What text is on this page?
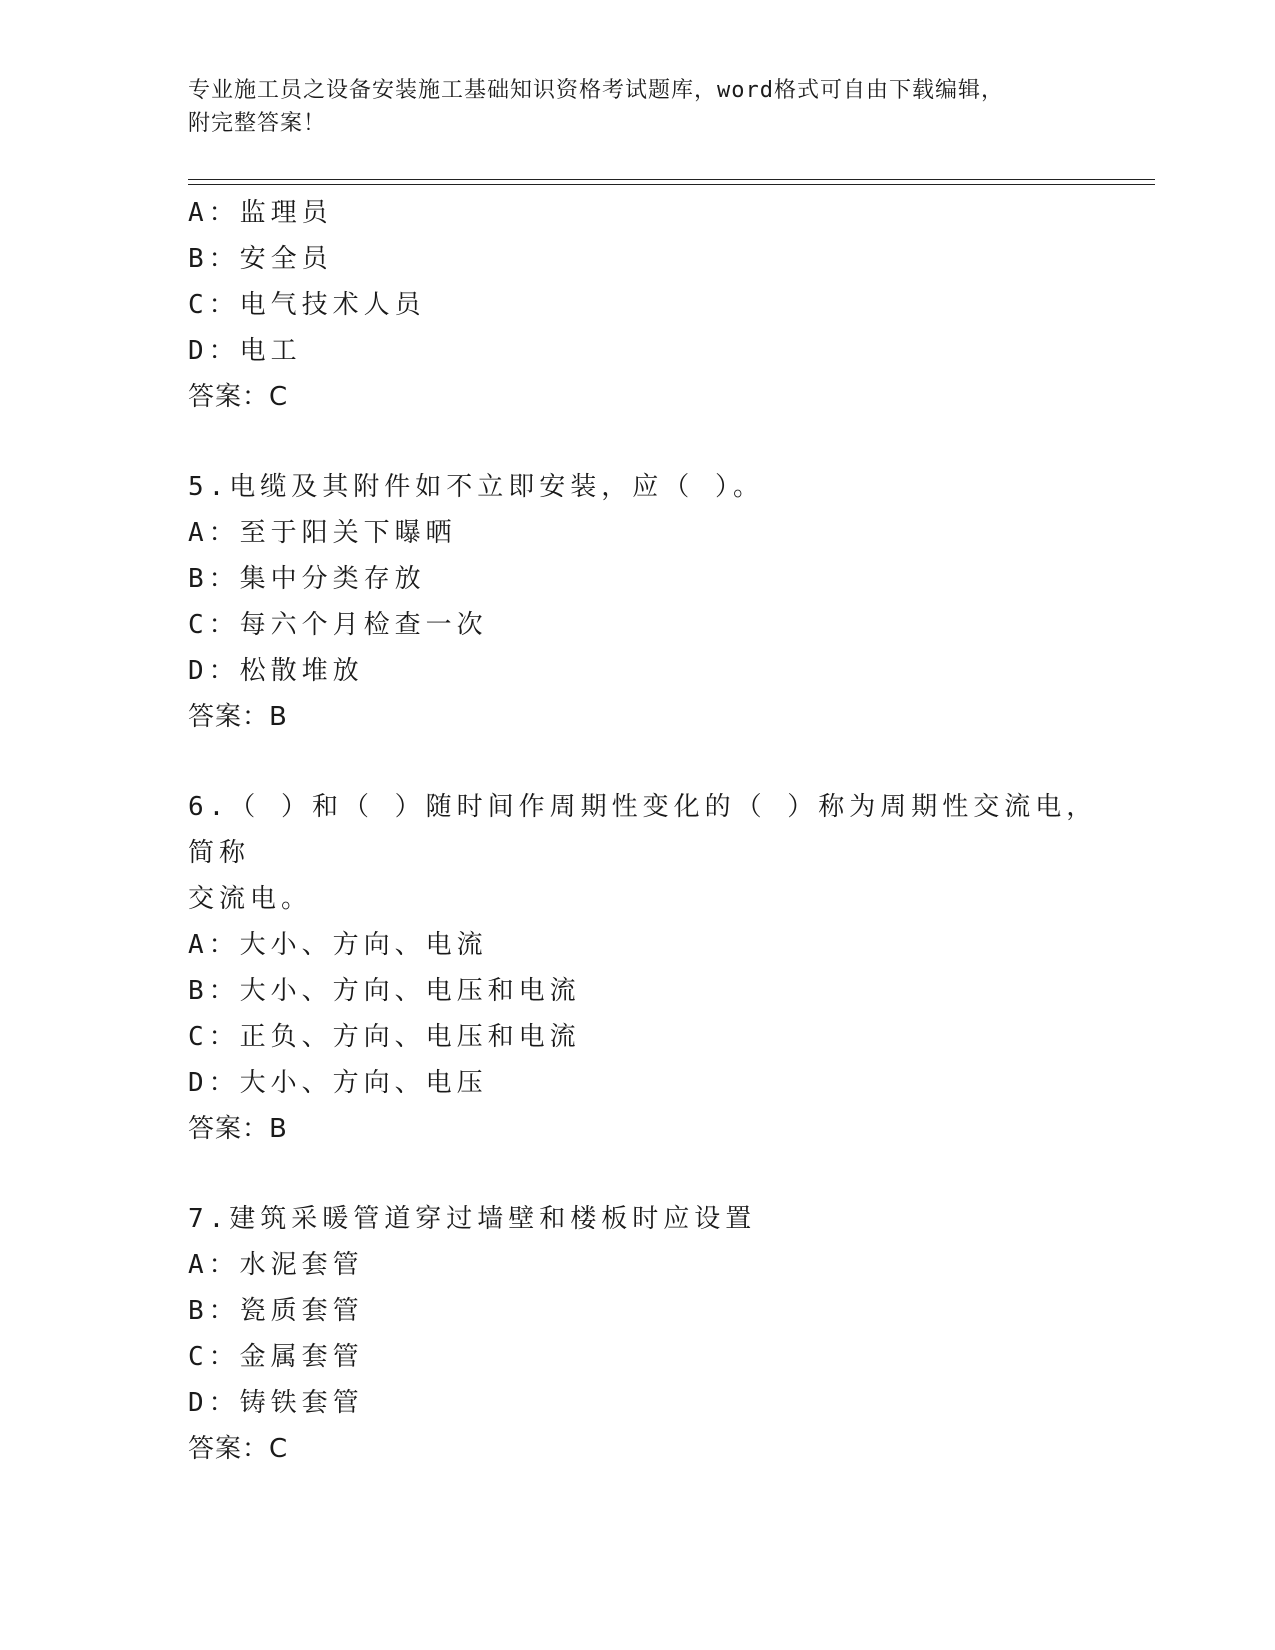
专业施工员之设备安装施工基础知识资格考试题库，word格式可自由下载编辑，
附完整答案！
A：监理员
B：安全员
C：电气技术人员
D：电工
答案：C
5.电缆及其附件如不立即安装，应（ ）。
A：至于阳关下曝晒
B：集中分类存放
C：每六个月检查一次
D：松散堆放
答案：B
6.（ ）和（ ）随时间作周期性变化的（ ）称为周期性交流电，简称
交流电。
A：大小、方向、电流
B：大小、方向、电压和电流
C：正负、方向、电压和电流
D：大小、方向、电压
答案：B
7.建筑采暖管道穿过墙壁和楼板时应设置
A：水泥套管
B：瓷质套管
C：金属套管
D：铸铁套管
答案：C
